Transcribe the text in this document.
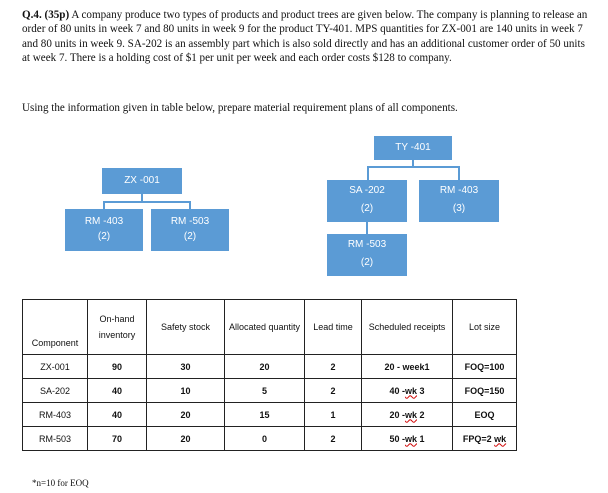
Q.4. (35p) A company produce two types of products and product trees are given below. The company is planning to release an order of 80 units in week 7 and 80 units in week 9 for the product TY-401. MPS quantities for ZX-001 are 140 units in week 7 and 80 units in week 9. SA-202 is an assembly part which is also sold directly and has an additional customer order of 50 units at week 7. There is a holding cost of $1 per unit per week and each order costs $128 to company.
Using the information given in table below, prepare material requirement plans of all components.
ZX -001
RM -403
(2)
RM -503
(2)
TY -401
SA -202
(2)
RM -403
(3)
RM -503
(2)
Component	On-hand inventory	Safety stock	Allocated quantity	Lead time	Scheduled receipts	Lot size
ZX-001	90	30	20	2	20 - week1	FOQ=100
SA-202	40	10	5	2	40 -wk 3	FOQ=150
RM-403	40	20	15	1	20 -wk 2	EOQ
RM-503	70	20	0	2	50 -wk 1	FPQ=2 wk
*n=10 for EOQ
